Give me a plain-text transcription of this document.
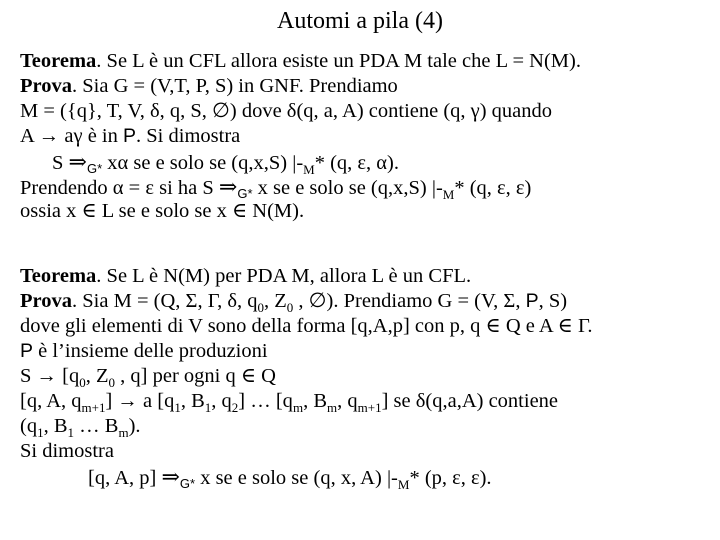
Automi a pila (4)
Teorema. Se L è un CFL allora esiste un PDA M tale che L = N(M).
Prova. Sia G = (V,T, P, S) in GNF. Prendiamo
M = ({q}, T, V, δ, q, S, ∅) dove δ(q, a, A) contiene (q, γ) quando
A → aγ è in P. Si dimostra
S ⇒G* xα se e solo se (q,x,S) $|-_M*$ (q, ε, α).
Prendendo α = ε si ha S ⇒G* x se e solo se (q,x,S) $|-_M*$ (q, ε, ε)
ossia x ∈ L se e solo se x ∈ N(M).
Teorema. Se L è N(M) per PDA M, allora L è un CFL.
Prova. Sia M = (Q, Σ, Γ, δ, $q_0$, $Z_0$ , ∅). Prendiamo G = (V, Σ, P, S)
dove gli elementi di V sono della forma [q,A,p] con p, q ∈ Q e A ∈ Γ.
P è l’insieme delle produzioni
$S \to [q_0$, $Z_0$ , q] per ogni q ∈ Q
[q, A, $q_{m+1}] \to a$ [$q_1$, $B_1$, $q_2$] … [$q_m$, $B_m$, $q_{m+1}$] se δ(q,a,A) contiene
($q_1$, $B_1$ … $B_m$).
Si dimostra
[q, A, p] ⇒G* x se e solo se (q, x, A) $|-_M*$ (p, ε, ε).
